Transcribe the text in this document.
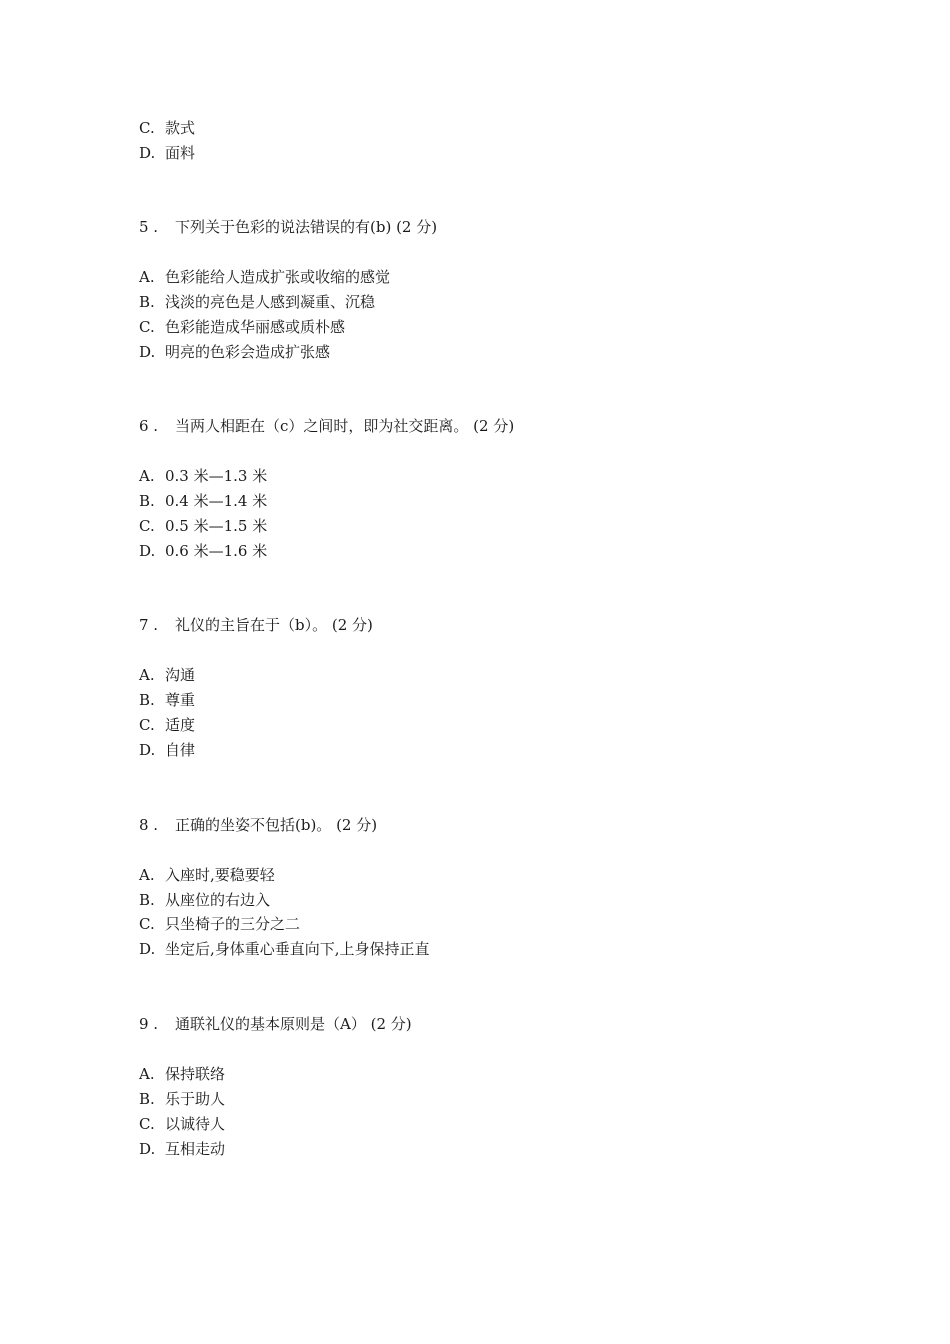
C. 款式
D. 面料
5 . 下列关于色彩的说法错误的有(b) (2 分)
A. 色彩能给人造成扩张或收缩的感觉
B. 浅淡的亮色是人感到凝重、沉稳
C. 色彩能造成华丽感或质朴感
D. 明亮的色彩会造成扩张感
6 . 当两人相距在（c）之间时，即为社交距离。 (2 分)
A. 0.3 米—1.3 米
B. 0.4 米—1.4 米
C. 0.5 米—1.5 米
D. 0.6 米—1.6 米
7 . 礼仪的主旨在于（b）。 (2 分)
A. 沟通
B. 尊重
C. 适度
D. 自律
8 . 正确的坐姿不包括(b)。 (2 分)
A. 入座时,要稳要轻
B. 从座位的右边入
C. 只坐椅子的三分之二
D. 坐定后,身体重心垂直向下,上身保持正直
9 . 通联礼仪的基本原则是（A） (2 分)
A. 保持联络
B. 乐于助人
C. 以诚待人
D. 互相走动
